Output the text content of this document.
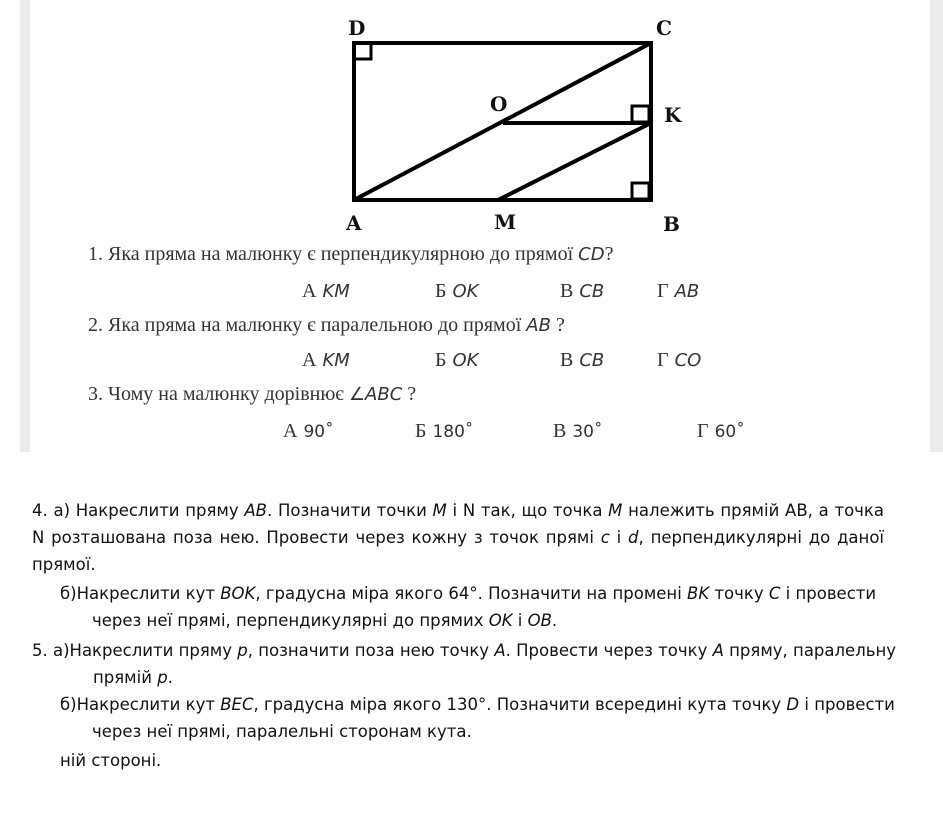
D	C
O	K
A	M	B
1. Яка пряма на малюнку є перпендикулярною до прямої CD?
А KM	Б OK	В CB	Г AB
2. Яка пряма на малюнку є паралельною до прямої AB ?
А KM	Б OK	В CB	Г CO
3. Чому на малюнку дорівнює ∠ABC ?
А 90˚	Б 180˚	В 30˚	Г 60˚
4. а) Накреслити пряму AB. Позначити точки M і N так, що точка M належить прямій AB, а точка N розташована поза нею. Провести через кожну з точок прямі c і d, перпендикулярні до даної прямої.
б)Накреслити кут BOK, градусна міра якого 64°. Позначити на промені BK точку C і провести через неї прямі, перпендикулярні до прямих OK і OB.
5. а)Накреслити пряму p, позначити поза нею точку A. Провести через точку A пряму, паралельну прямій p.
б)Накреслити кут BEC, градусна міра якого 130°. Позначити всередині кута точку D і провести через неї прямі, паралельні сторонам кута.
ній стороні.
